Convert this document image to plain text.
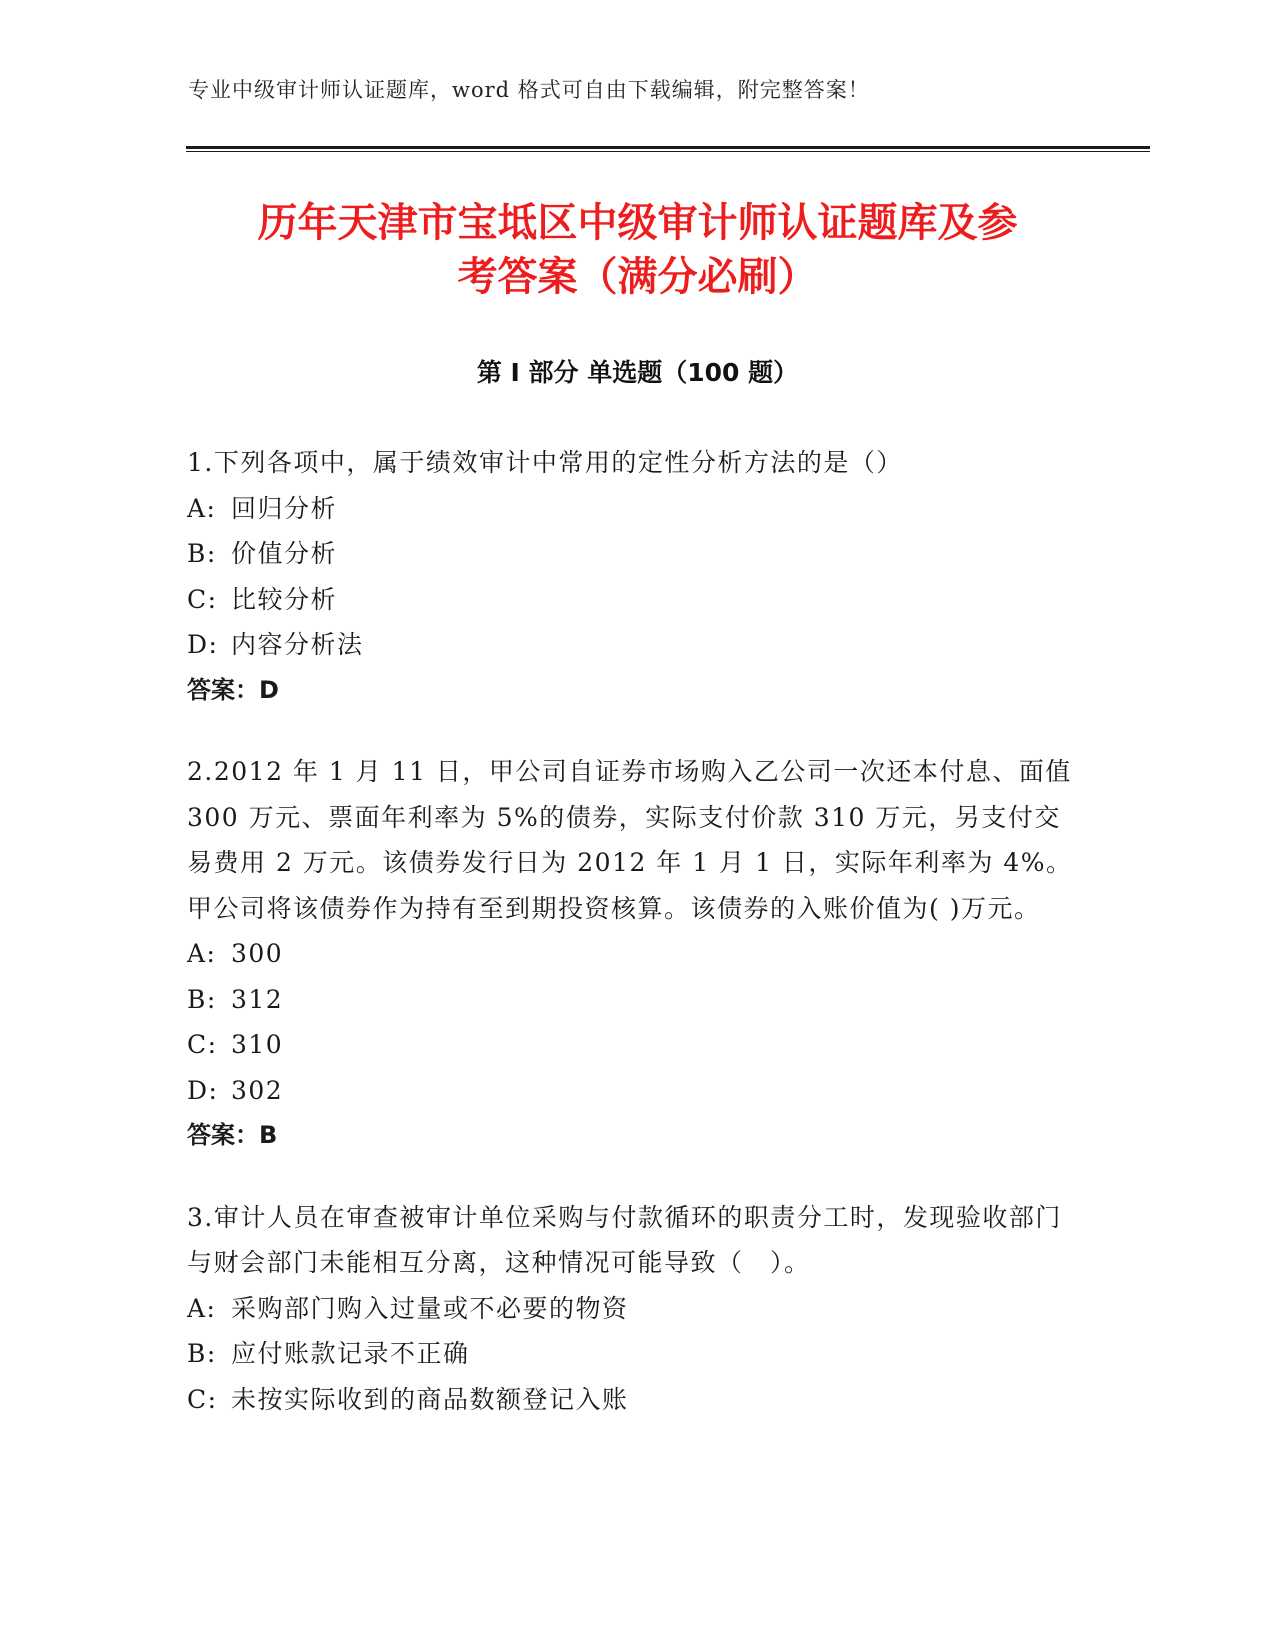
专业中级审计师认证题库，word 格式可自由下载编辑，附完整答案！
历年天津市宝坻区中级审计师认证题库及参
考答案（满分必刷）
第 I 部分 单选题（100 题）

1.下列各项中，属于绩效审计中常用的定性分析方法的是（）

A: 回归分析

B: 价值分析

C: 比较分析

D: 内容分析法

答案：D

2.2012 年 1 月 11 日，甲公司自证券市场购入乙公司一次还本付息、面值 300 万元、票面年利率为 5%的债券，实际支付价款 310 万元，另支付交易费用 2 万元。该债券发行日为 2012 年 1 月 1 日，实际年利率为 4%。甲公司将该债券作为持有至到期投资核算。该债券的入账价值为( )万元。

A: 300

B: 312

C: 310

D: 302

答案：B

3.审计人员在审查被审计单位采购与付款循环的职责分工时，发现验收部门与财会部门未能相互分离，这种情况可能导致（　）。

A: 采购部门购入过量或不必要的物资

B: 应付账款记录不正确

C: 未按实际收到的商品数额登记入账
